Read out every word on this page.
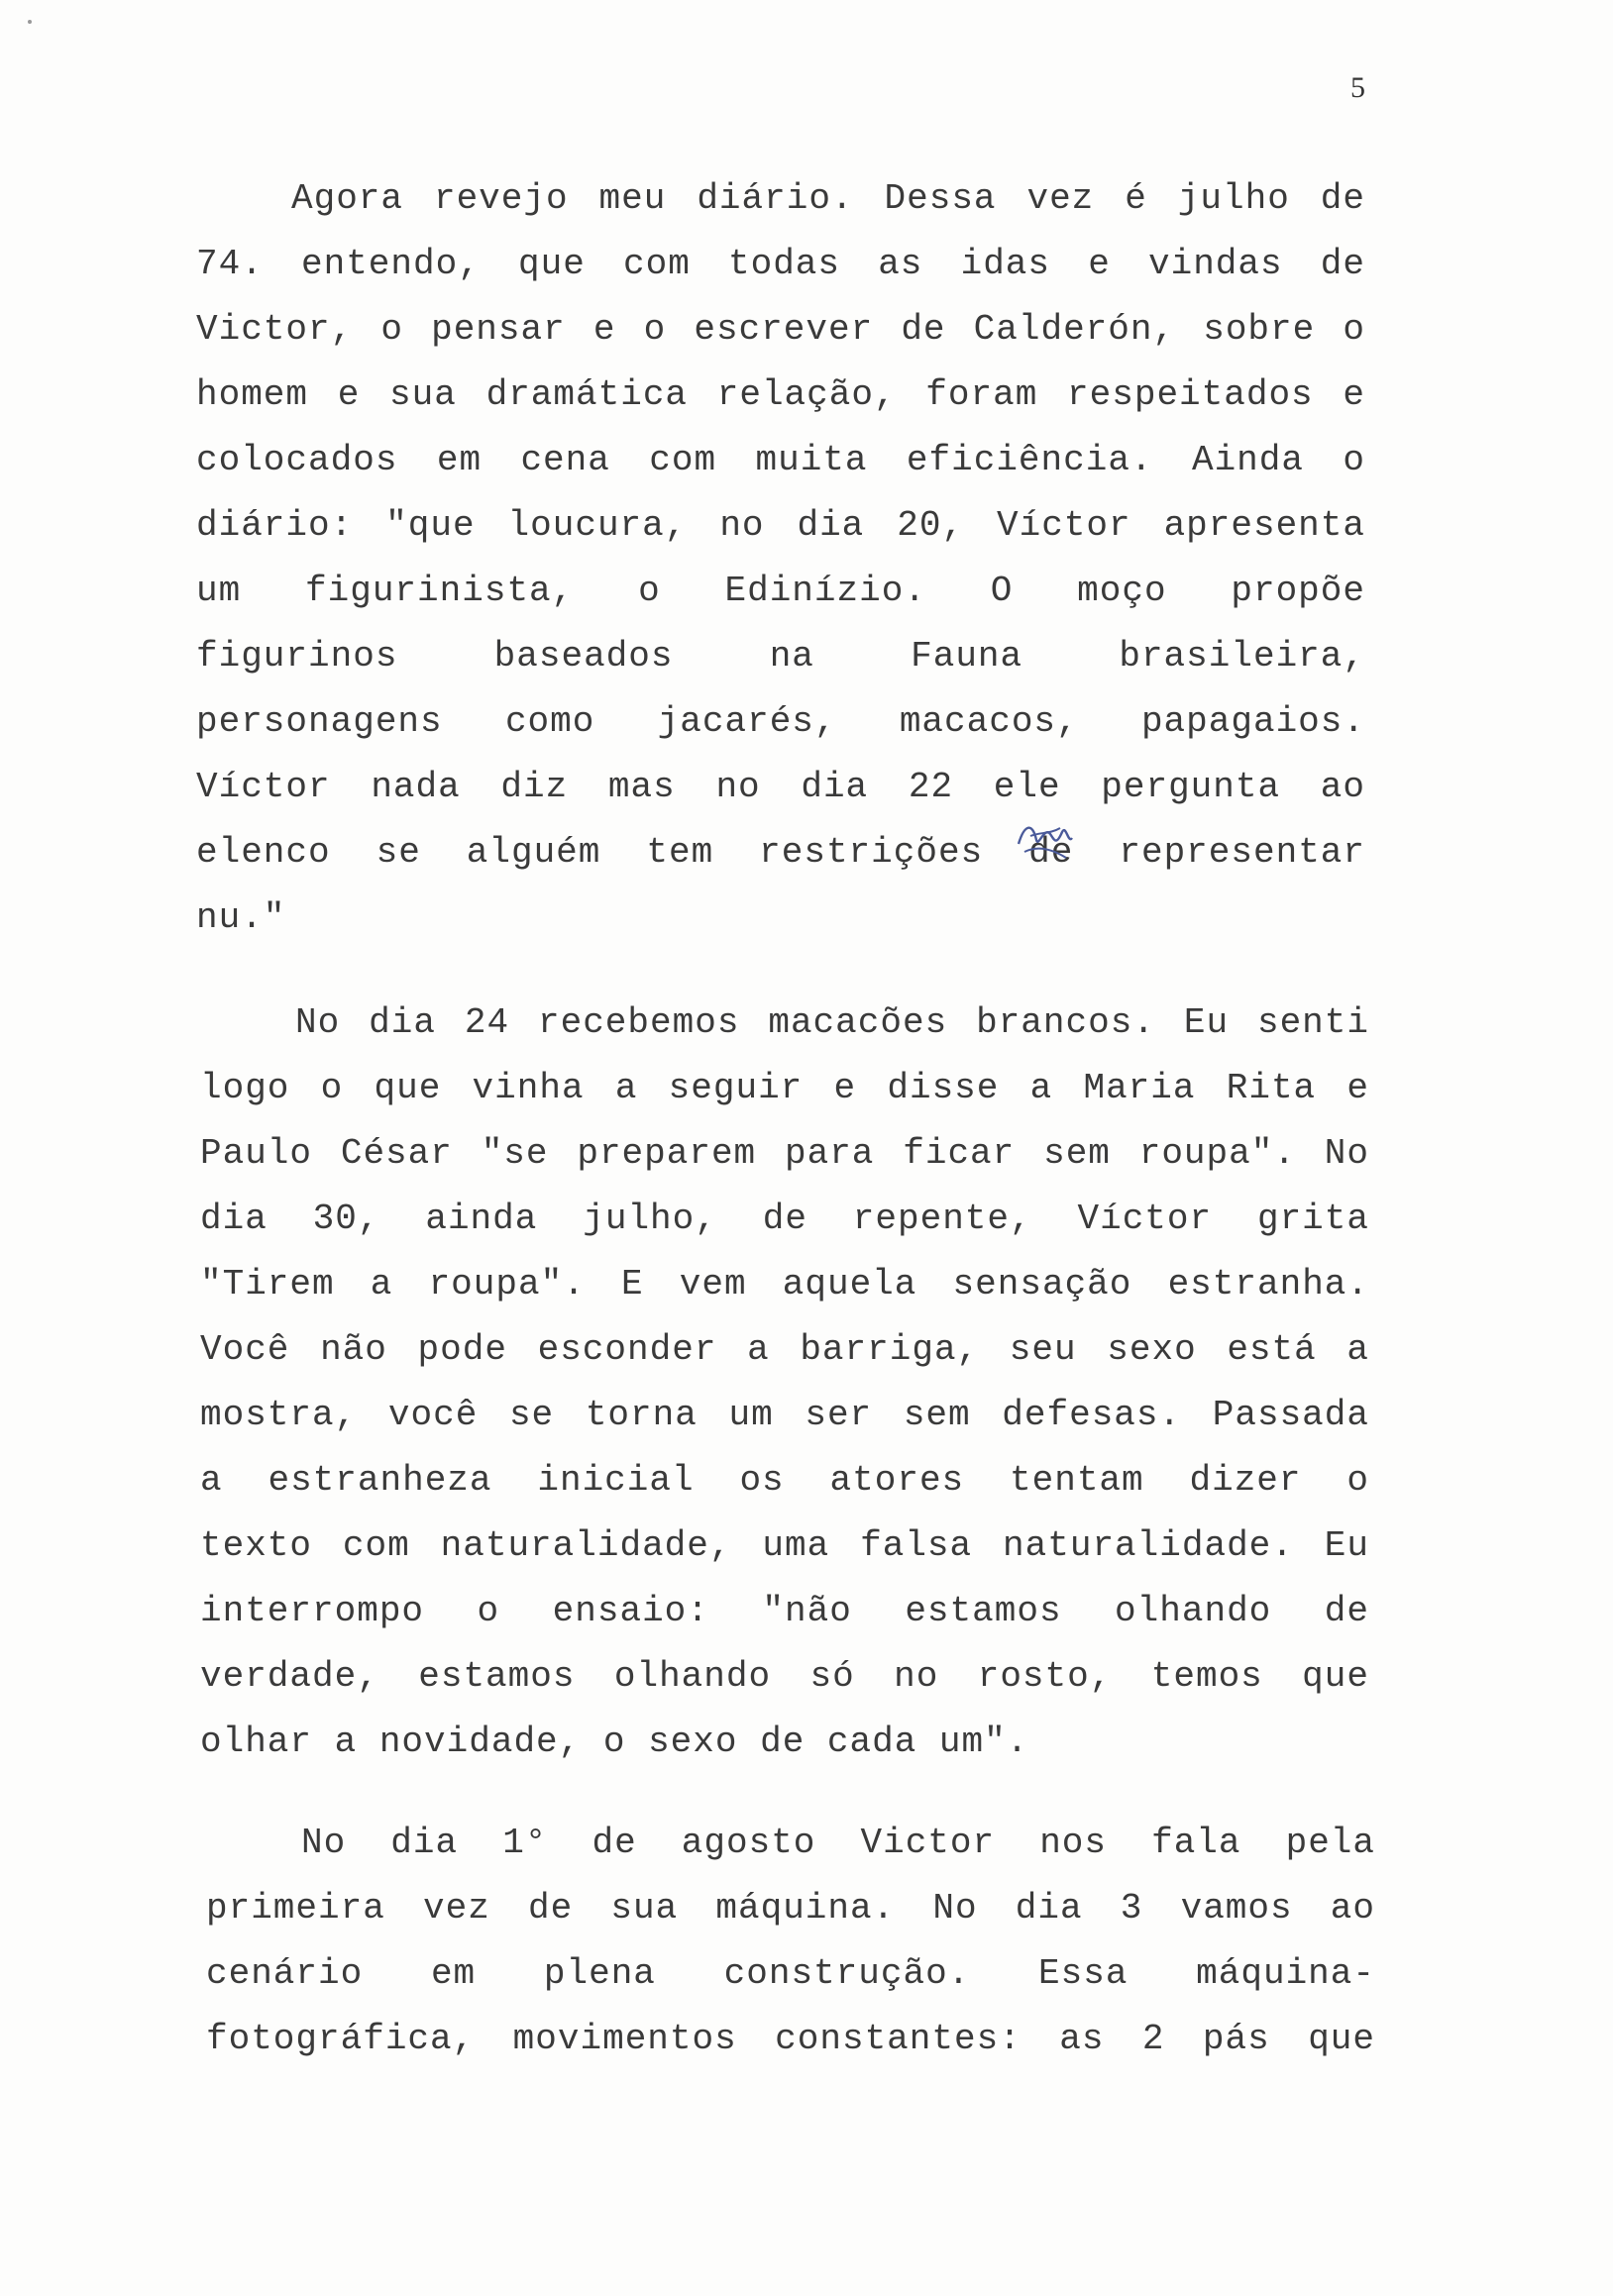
5
Agora revejo meu diário. Dessa vez é julho de
74. entendo, que com todas as idas e vindas de
Victor, o pensar e o escrever de Calderón, sobre o
homem e sua dramática relação, foram respeitados e
colocados em cena com muita eficiência. Ainda o
diário: "que loucura, no dia 20, Víctor apresenta
um figurinista, o Edinízio. O moço propõe
figurinos baseados na Fauna brasileira,
personagens como jacarés, macacos, papagaios.
Víctor nada diz mas no dia 22 ele pergunta ao
elenco se alguém tem restrições de representar
nu."
No dia 24 recebemos macacões brancos. Eu senti
logo o que vinha a seguir e disse a Maria Rita e
Paulo César "se preparem para ficar sem roupa". No
dia 30, ainda julho, de repente, Víctor grita
"Tirem a roupa". E vem aquela sensação estranha.
Você não pode esconder a barriga, seu sexo está a
mostra, você se torna um ser sem defesas. Passada
a estranheza inicial os atores tentam dizer o
texto com naturalidade, uma falsa naturalidade. Eu
interrompo o ensaio: "não estamos olhando de
verdade, estamos olhando só no rosto, temos que
olhar a novidade, o sexo de cada um".
No dia 1° de agosto Victor nos fala pela
primeira vez de sua máquina. No dia 3 vamos ao
cenário em plena construção. Essa máquina-
fotográfica, movimentos constantes: as 2 pás que
